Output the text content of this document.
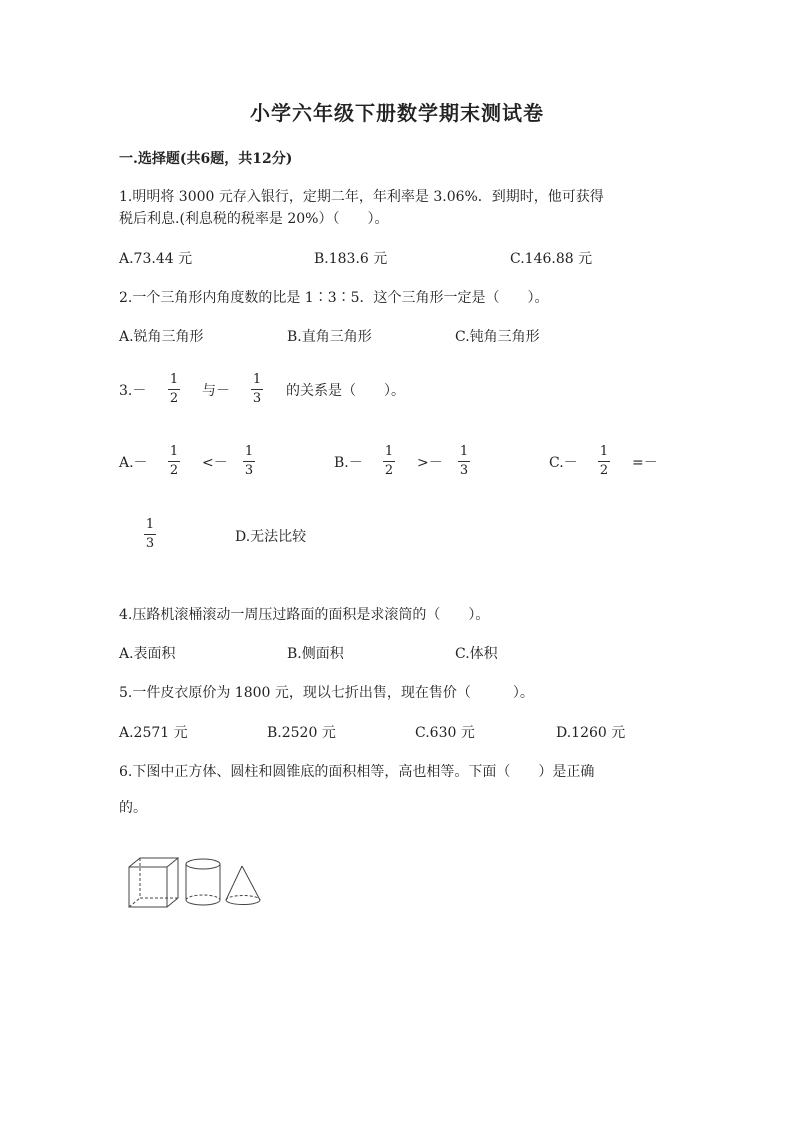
小学六年级下册数学期末测试卷
一.选择题(共6题，共12分)
1.明明将 3000 元存入银行，定期二年，年利率是 3.06%．到期时，他可获得
税后利息.(利息税的税率是 20%）（　　）。
A.73.44 元	B.183.6 元	C.146.88 元
2.一个三角形内角度数的比是 1∶3∶5．这个三角形一定是（　　）。
A.锐角三角形	B.直角三角形	C.钝角三角形
3.－
1
2 与－
1
3 的关系是（　　）。
A.－
1
2 <－
1
3	B.－
1
2 >－
1
3	C.－
1
2 =－
1
3	D.无法比较
4.压路机滚桶滚动一周压过路面的面积是求滚筒的（　　）。
A.表面积	B.侧面积	C.体积
5.一件皮衣原价为 1800 元，现以七折出售，现在售价（　　　）。
A.2571 元	B.2520 元	C.630 元	D.1260 元
6.下图中正方体、圆柱和圆锥底的面积相等，高也相等。下面（　　）是正确
的。
